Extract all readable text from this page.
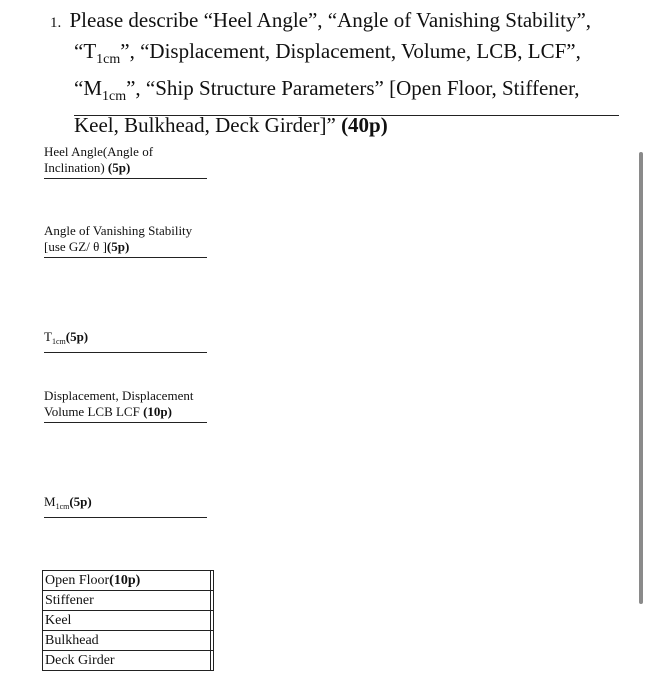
1. Please describe “Heel Angle”, “Angle of Vanishing Stability”,
“$T_{1cm}$”, “Displacement, Displacement, Volume, LCB, LCF”,
“$M_{1cm}$”, “Ship Structure Parameters” [Open Floor, Stiffener,
Keel, Bulkhead, Deck Girder]” (40p)
Heel Angle(Angle of
Inclination) (5p)
Angle of Vanishing Stability
[use GZ/ θ ](5p)
$T_{1cm}(5p)$
Displacement, Displacement
Volume LCB LCF (10p)
$M_{1cm}(5p)$
Open Floor(10p)	
Stiffener	
Keel	
Bulkhead	
Deck Girder	
